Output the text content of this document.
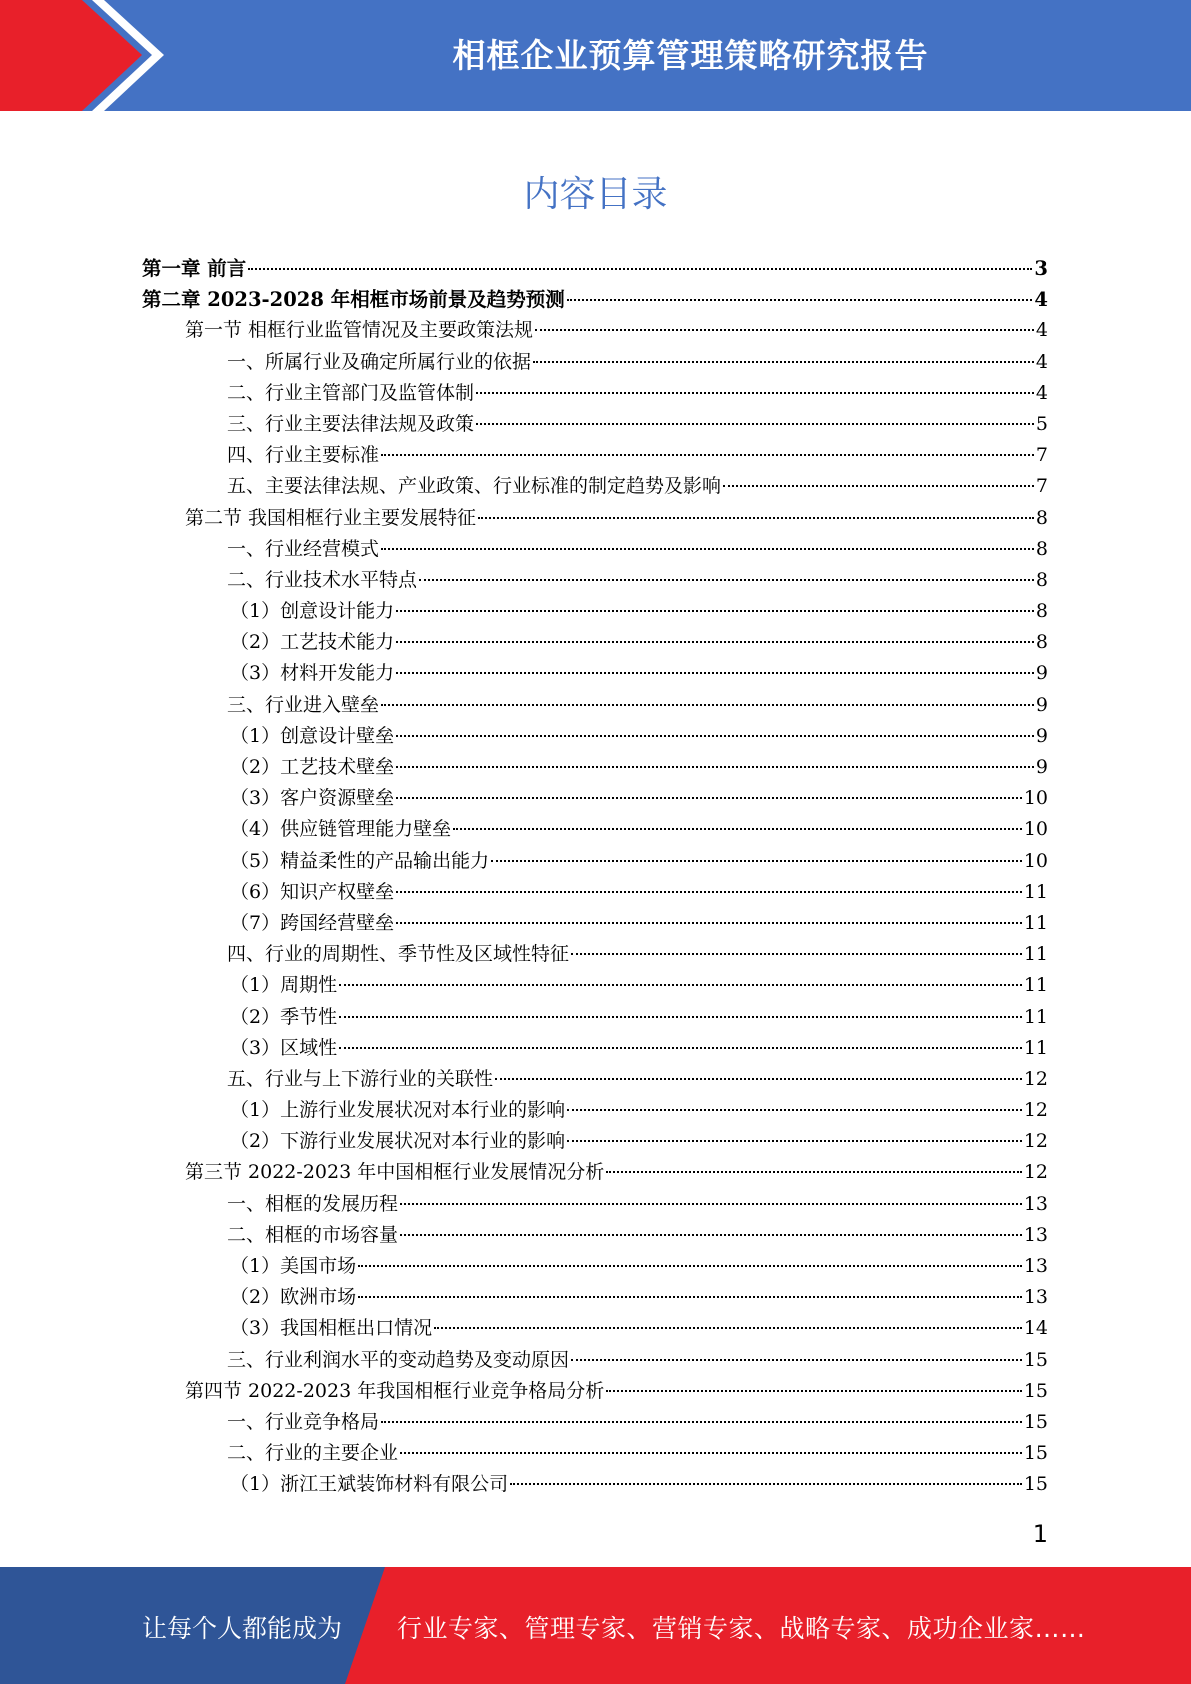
相框企业预算管理策略研究报告
内容目录
第一章 前言	3
第二章 2023-2028 年相框市场前景及趋势预测	4
第一节 相框行业监管情况及主要政策法规	4
一、所属行业及确定所属行业的依据	4
二、行业主管部门及监管体制	4
三、行业主要法律法规及政策	5
四、行业主要标准	7
五、主要法律法规、产业政策、行业标准的制定趋势及影响	7
第二节 我国相框行业主要发展特征	8
一、行业经营模式	8
二、行业技术水平特点	8
（1）创意设计能力	8
（2）工艺技术能力	8
（3）材料开发能力	9
三、行业进入壁垒	9
（1）创意设计壁垒	9
（2）工艺技术壁垒	9
（3）客户资源壁垒	10
（4）供应链管理能力壁垒	10
（5）精益柔性的产品输出能力	10
（6）知识产权壁垒	11
（7）跨国经营壁垒	11
四、行业的周期性、季节性及区域性特征	11
（1）周期性	11
（2）季节性	11
（3）区域性	11
五、行业与上下游行业的关联性	12
（1）上游行业发展状况对本行业的影响	12
（2）下游行业发展状况对本行业的影响	12
第三节 2022-2023 年中国相框行业发展情况分析	12
一、相框的发展历程	13
二、相框的市场容量	13
（1）美国市场	13
（2）欧洲市场	13
（3）我国相框出口情况	14
三、行业利润水平的变动趋势及变动原因	15
第四节 2022-2023 年我国相框行业竞争格局分析	15
一、行业竞争格局	15
二、行业的主要企业	15
（1）浙江王斌装饰材料有限公司	15
1
让每个人都能成为 行业专家、管理专家、营销专家、战略专家、成功企业家……
